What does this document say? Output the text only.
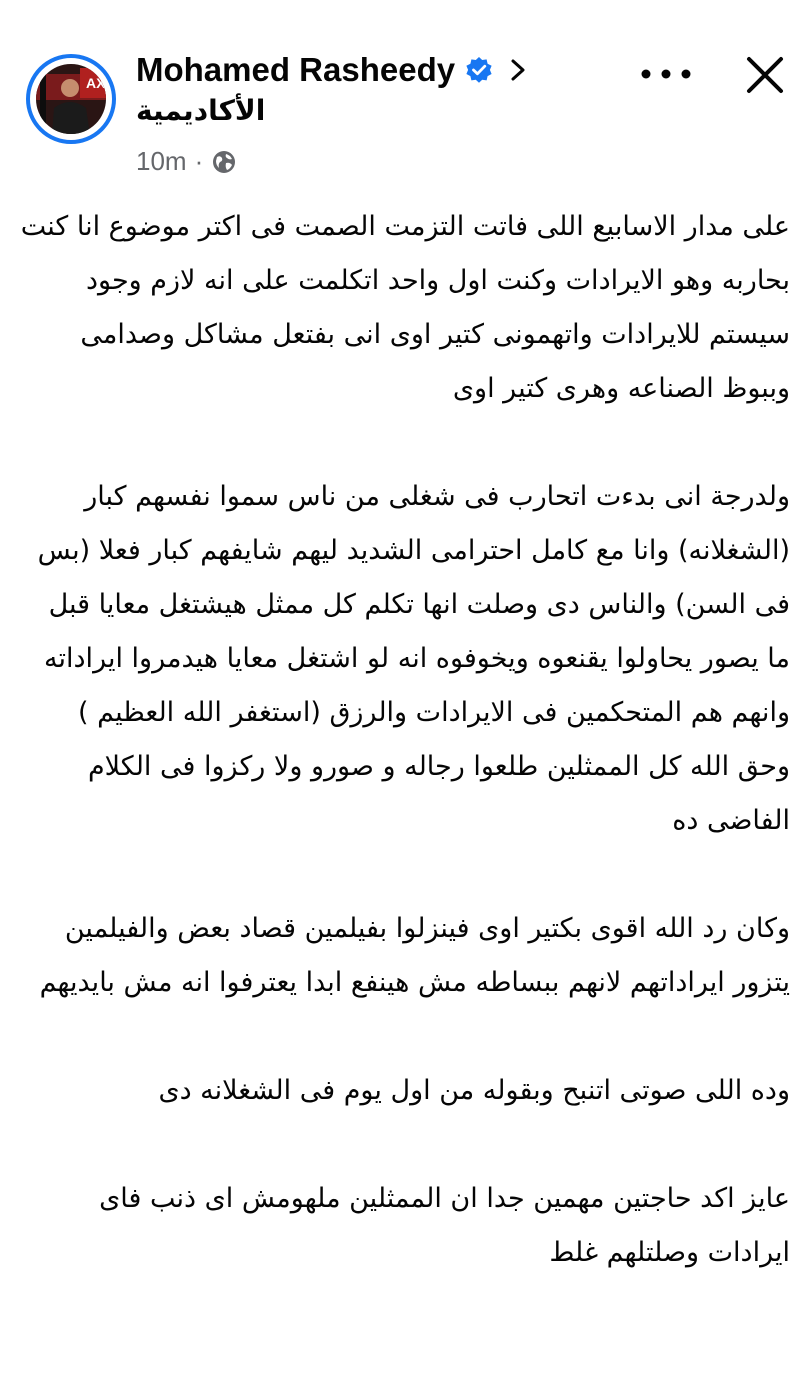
AX Mohamed Rasheedy
الأكاديمية
10m ·

على مدار الاسابيع اللى فاتت التزمت الصمت فى اكتر موضوع انا كنت بحاربه وهو الايرادات وكنت اول واحد اتكلمت على انه لازم وجود سيستم للايرادات واتهمونى كتير اوى انى بفتعل مشاكل وصدامى وببوظ الصناعه وهرى كتير اوى

ولدرجة انى بدءت اتحارب فى شغلى من ناس سموا نفسهم كبار (الشغلانه) وانا مع كامل احترامى الشديد ليهم شايفهم كبار فعلا (بس فى السن) والناس دى وصلت انها تكلم كل ممثل هيشتغل معايا قبل ما يصور يحاولوا يقنعوه ويخوفوه انه لو اشتغل معايا هيدمروا ايراداته وانهم هم المتحكمين فى الايرادات والرزق (استغفر الله العظيم )

وحق الله كل الممثلين طلعوا رجاله و صورو ولا ركزوا فى الكلام الفاضى ده

وكان رد الله اقوى بكتير اوى فينزلوا بفيلمين قصاد بعض والفيلمين يتزور ايراداتهم لانهم ببساطه مش هينفع ابدا يعترفوا انه مش بايديهم

وده اللى صوتى اتنبح وبقوله من اول يوم فى الشغلانه دى

عايز اكد حاجتين مهمين جدا ان الممثلين ملهومش اى ذنب فاى ايرادات وصلتلهم غلط
